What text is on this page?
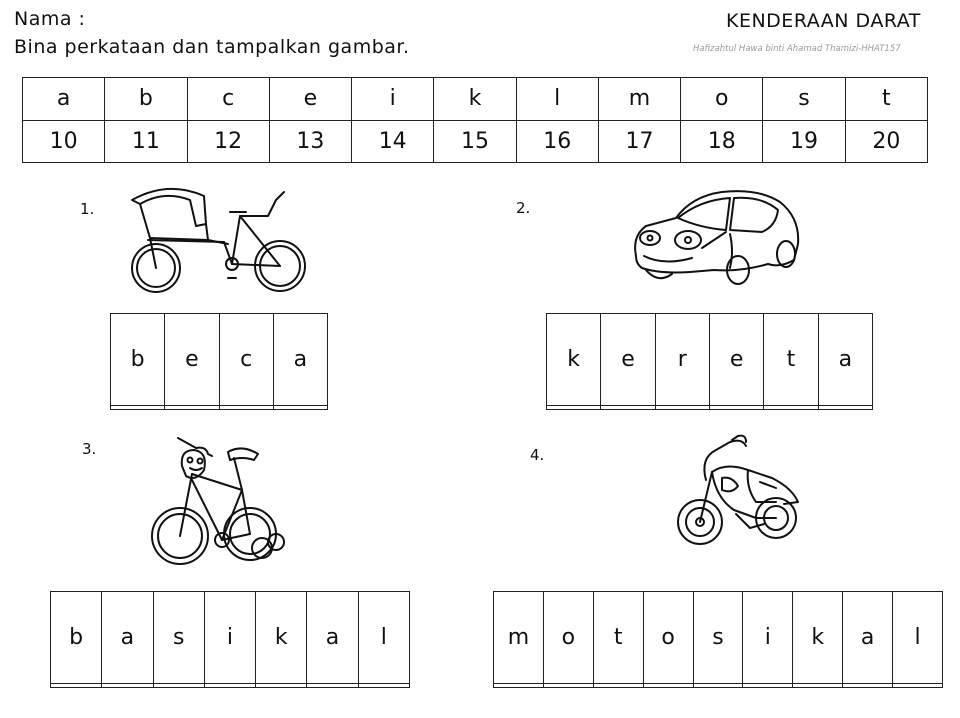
Nama :
Bina perkataan dan tampalkan gambar.
KENDERAAN DARAT
Hafizahtul Hawa binti Ahamad Thamizi-HHAT157
a	b	c	e	i	k	l	m	o	s	t
10	11	12	13	14	15	16	17	18	19	20
1.	2.
3.	4.
b	e	c	a
				k	e	r	e	t	a

b	a	s	i	k	a	l
							m	o	t	o	s	i	k	a	l
